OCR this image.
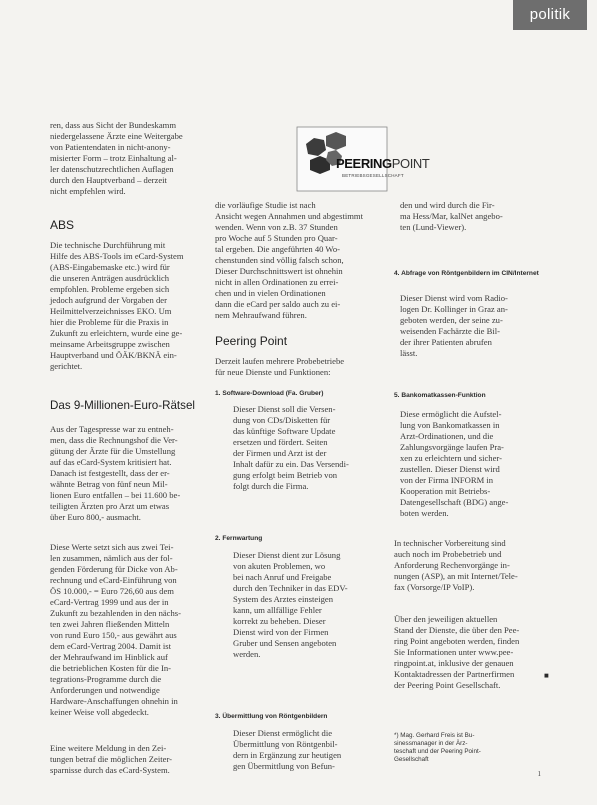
politik

ren, dass aus Sicht der Bundeskamm
niedergelassene Ärzte eine Weitergabe
von Patientendaten in nicht-anony-
misierter Form – trotz Einhaltung al-
ler datenschutzrechtlichen Auflagen
durch den Hauptverband – derzeit
nicht empfehlen wird.

ABS

Die technische Durchführung mit
Hilfe des ABS-Tools im eCard-System
(ABS-Eingabemaske etc.) wird für
die unseren Anträgen ausdrücklich
empfohlen. Probleme ergeben sich
jedoch aufgrund der Vorgaben der
Heilmittelverzeichnisses EKO. Um
hier die Probleme für die Praxis in
Zukunft zu erleichtern, wurde eine ge-
meinsame Arbeitsgruppe zwischen
Hauptverband und ÖÄK/BKNÄ ein-
gerichtet.

Das 9-Millionen-Euro-Rätsel

Aus der Tagespresse war zu entneh-
men, dass die Rechnungshof die Ver-
gütung der Ärzte für die Umstellung
auf das eCard-System kritisiert hat.
Danach ist festgestellt, dass der er-
wähnte Betrag von fünf neun Mil-
lionen Euro entfallen – bei 11.600 be-
teiligten Ärzten pro Arzt um etwas
über Euro 800,- ausmacht.

Diese Werte setzt sich aus zwei Tei-
len zusammen, nämlich aus der fol-
genden Förderung für Dicke von Ab-
rechnung und eCard-Einführung von
ÖS 10.000,- = Euro 726,60 aus dem
eCard-Vertrag 1999 und aus der in
Zukunft zu bezahlenden in den nächs-
ten zwei Jahren fließenden Mitteln
von rund Euro 150,- aus gewährt aus
dem eCard-Vertrag 2004. Damit ist
der Mehraufwand im Hinblick auf
die betrieblichen Kosten für die In-
tegrations-Programme durch die
Anforderungen und notwendige
Hardware-Anschaffungen ohnehin in
keiner Weise voll abgedeckt.

Eine weitere Meldung in den Zei-
tungen betraf die möglichen Zeiter-
sparnisse durch das eCard-System.

PEERINGPOINT
BETRIEBSGESELLSCHAFT

die vorläufige Studie ist nach
Ansicht wegen Annahmen und abgestimmt
wenden. Wenn von z.B. 37 Stunden
pro Woche auf 5 Stunden pro Quar-
tal ergeben. Die angeführten 40 Wo-
chenstunden sind völlig falsch schon,
Dieser Durchschnittswert ist ohnehin
nicht in allen Ordinationen zu errei-
chen und in vielen Ordinationen
dann die eCard per saldo auch zu ei-
nem Mehraufwand führen.

Peering Point

Derzeit laufen mehrere Probebetriebe
für neue Dienste und Funktionen:

1. Software-Download (Fa. Gruber)

Dieser Dienst soll die Versen-
dung von CDs/Disketten für
das künftige Software Update
ersetzen und fördert. Seiten
der Firmen und Arzt ist der
Inhalt dafür zu ein. Das Versendi-
gung erfolgt beim Betrieb von
folgt durch die Firma.

2. Fernwartung

Dieser Dienst dient zur Lösung
von akuten Problemen, wo
bei nach Anruf und Freigabe
durch den Techniker in das EDV-
System des Arztes einsteigen
kann, um allfällige Fehler
korrekt zu beheben. Dieser
Dienst wird von der Firmen
Gruber und Sensen angeboten
werden.

3. Übermittlung von Röntgenbildern

Dieser Dienst ermöglicht die
Übermittlung von Röntgenbil-
dern in Ergänzung zur heutigen
gen Übermittlung von Befun-

den und wird durch die Fir-
ma Hess/Mar, kalNet angebo-
ten (Lund-Viewer).

4. Abfrage von Röntgenbildern im CIN/Internet

Dieser Dienst wird vom Radio-
logen Dr. Kollinger in Graz an-
geboten werden, der seine zu-
weisenden Fachärzte die Bil-
der ihrer Patienten abrufen
lässt.

5. Bankomatkassen-Funktion

Diese ermöglicht die Aufstel-
lung von Bankomatkassen in
Arzt-Ordinationen, und die
Zahlungsvorgänge laufen Pra-
xen zu erleichtern und sicher-
zustellen. Dieser Dienst wird
von der Firma INFORM in
Kooperation mit Betriebs-
Datengesellschaft (BDG) ange-
boten werden.

In technischer Vorbereitung sind
auch noch im Probebetrieb und
Anforderung Rechenvorgänge in-
nungen (ASP), an mit Internet/Tele-
fax (Vorsorge/IP VoIP).

Über den jeweiligen aktuellen
Stand der Dienste, die über den Pee-
ring Point angeboten werden, finden
Sie Informationen unter www.pee-
ringpoint.at, inklusive der genauen
Kontaktadressen der Partnerfirmen
der Peering Point Gesellschaft.

■

*) Mag. Gerhard Freis ist Bu-
sinessmanager in der Ärz-
teschaft und der Peering Point-
Gesellschaft

1
